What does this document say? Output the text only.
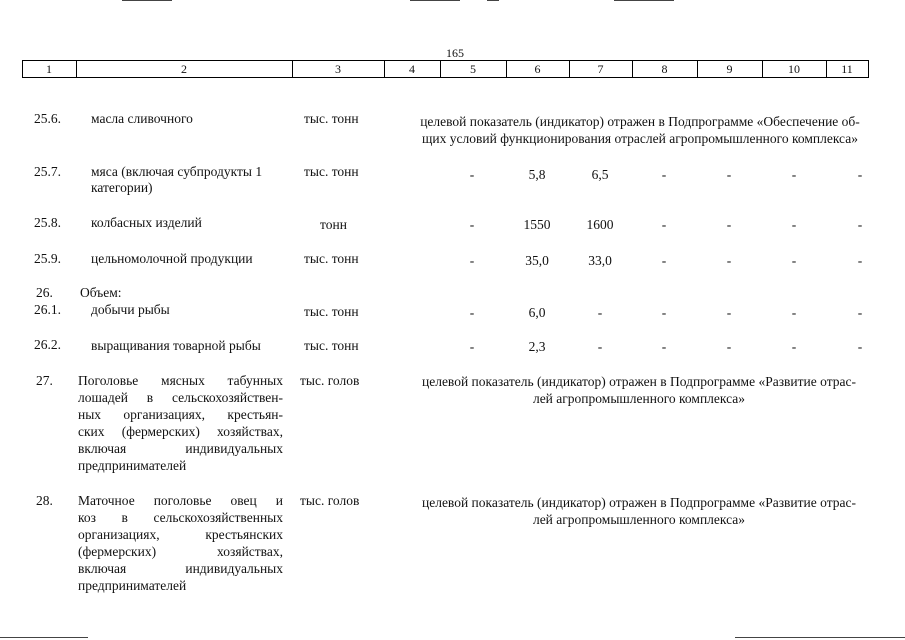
165
1	2	3	4	5	6	7	8	9	10	11
25.6. масла сливочного	тыс. тонн	целевой показатель (индикатор) отражен в Подпрограмме «Обеспечение об-
щих условий функционирования отраслей агропромышленного комплекса»
25.7. мяса (включая субпродукты 1
категории)
тыс. тонн	-	5,8	6,5	-	-	-	-
25.8. колбасных изделий	тонн	-	1550	1600	-	-	-	-
25.9. цельномолочной продукции	тыс. тонн	-	35,0	33,0	-	-	-	-
26. Объем:
26.1. добычи рыбы	тыс. тонн	-	6,0	-	-	-	-	-
26.2. выращивания товарной рыбы	тыс. тонн	-	2,3	-	-	-	-	-
27. Поголовье мясных табунных
лошадей в сельскохозяйствен-
ных организациях, крестьян-
ских (фермерских) хозяйствах,
включая индивидуальных
предпринимателей
тыс. голов	целевой показатель (индикатор) отражен в Подпрограмме «Развитие отрас-
лей агропромышленного комплекса»
28. Маточное поголовье овец и
коз в сельскохозяйственных
организациях, крестьянских
(фермерских) хозяйствах,
включая индивидуальных
предпринимателей
тыс. голов	целевой показатель (индикатор) отражен в Подпрограмме «Развитие отрас-
лей агропромышленного комплекса»
